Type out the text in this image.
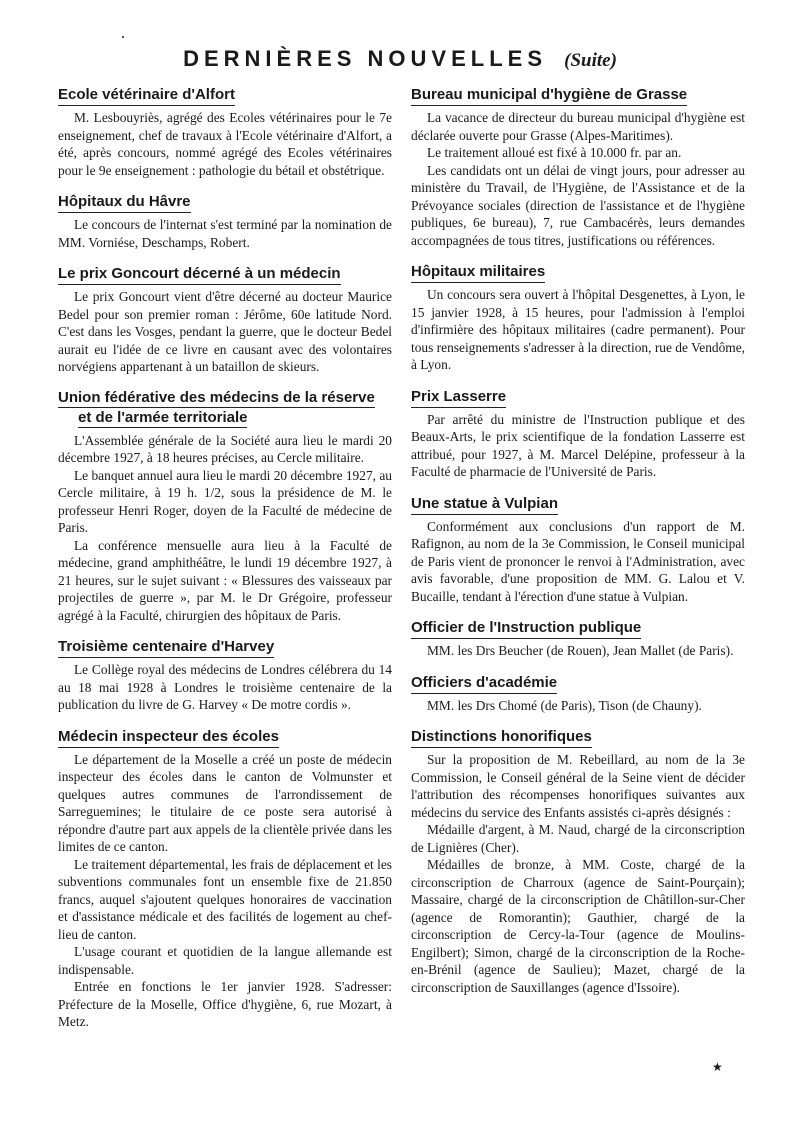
DERNIÈRES NOUVELLES (Suite)
Ecole vétérinaire d'Alfort

M. Lesbouyriès, agrégé des Ecoles vétérinaires pour le 7e enseignement, chef de travaux à l'Ecole vétérinaire d'Alfort, a été, après concours, nommé agrégé des Ecoles vétérinaires pour le 9e enseignement : pathologie du bétail et obstétrique.

Hôpitaux du Hâvre

Le concours de l'internat s'est terminé par la nomination de MM. Vorniése, Deschamps, Robert.

Le prix Goncourt décerné à un médecin

Le prix Goncourt vient d'être décerné au docteur Maurice Bedel pour son premier roman : Jérôme, 60e latitude Nord. C'est dans les Vosges, pendant la guerre, que le docteur Bedel aurait eu l'idée de ce livre en causant avec des volontaires norvégiens appartenant à un bataillon de skieurs.

Union fédérative des médecins de la réserve
et de l'armée territoriale

L'Assemblée générale de la Société aura lieu le mardi 20 décembre 1927, à 18 heures précises, au Cercle militaire.

Le banquet annuel aura lieu le mardi 20 décembre 1927, au Cercle militaire, à 19 h. 1/2, sous la présidence de M. le professeur Henri Roger, doyen de la Faculté de médecine de Paris.

La conférence mensuelle aura lieu à la Faculté de médecine, grand amphithéâtre, le lundi 19 décembre 1927, à 21 heures, sur le sujet suivant : « Blessures des vaisseaux par projectiles de guerre », par M. le Dr Grégoire, professeur agrégé à la Faculté, chirurgien des hôpitaux de Paris.

Troisième centenaire d'Harvey

Le Collège royal des médecins de Londres célébrera du 14 au 18 mai 1928 à Londres le troisième centenaire de la publication du livre de G. Harvey « De motre cordis ».

Médecin inspecteur des écoles

Le département de la Moselle a créé un poste de médecin inspecteur des écoles dans le canton de Volmunster et quelques autres communes de l'arrondissement de Sarreguemines; le titulaire de ce poste sera autorisé à répondre d'autre part aux appels de la clientèle privée dans les limites de ce canton.

Le traitement départemental, les frais de déplacement et les subventions communales font un ensemble fixe de 21.850 francs, auquel s'ajoutent quelques honoraires de vaccination et d'assistance médicale et des facilités de logement au chef-lieu de canton.

L'usage courant et quotidien de la langue allemande est indispensable.

Entrée en fonctions le 1er janvier 1928. S'adresser: Préfecture de la Moselle, Office d'hygiène, 6, rue Mozart, à Metz.

Bureau municipal d'hygiène de Grasse

La vacance de directeur du bureau municipal d'hygiène est déclarée ouverte pour Grasse (Alpes-Maritimes).

Le traitement alloué est fixé à 10.000 fr. par an.

Les candidats ont un délai de vingt jours, pour adresser au ministère du Travail, de l'Hygiène, de l'Assistance et de la Prévoyance sociales (direction de l'assistance et de l'hygiène publiques, 6e bureau), 7, rue Cambacérès, leurs demandes accompagnées de tous titres, justifications ou références.

Hôpitaux militaires

Un concours sera ouvert à l'hôpital Desgenettes, à Lyon, le 15 janvier 1928, à 15 heures, pour l'admission à l'emploi d'infirmière des hôpitaux militaires (cadre permanent). Pour tous renseignements s'adresser à la direction, rue de Vendôme, à Lyon.

Prix Lasserre

Par arrêté du ministre de l'Instruction publique et des Beaux-Arts, le prix scientifique de la fondation Lasserre est attribué, pour 1927, à M. Marcel Delépine, professeur à la Faculté de pharmacie de l'Université de Paris.

Une statue à Vulpian

Conformément aux conclusions d'un rapport de M. Rafignon, au nom de la 3e Commission, le Conseil municipal de Paris vient de prononcer le renvoi à l'Administration, avec avis favorable, d'une proposition de MM. G. Lalou et V. Bucaille, tendant à l'érection d'une statue à Vulpian.

Officier de l'Instruction publique

MM. les Drs Beucher (de Rouen), Jean Mallet (de Paris).

Officiers d'académie

MM. les Drs Chomé (de Paris), Tison (de Chauny).

Distinctions honorifiques

Sur la proposition de M. Rebeillard, au nom de la 3e Commission, le Conseil général de la Seine vient de décider l'attribution des récompenses honorifiques suivantes aux médecins du service des Enfants assistés ci-après désignés :

Médaille d'argent, à M. Naud, chargé de la circonscription de Lignières (Cher).

Médailles de bronze, à MM. Coste, chargé de la circonscription de Charroux (agence de Saint-Pourçain); Massaire, chargé de la circonscription de Châtillon-sur-Cher (agence de Romorantin); Gauthier, chargé de la circonscription de Cercy-la-Tour (agence de Moulins-Engilbert); Simon, chargé de la circonscription de la Roche-en-Brénil (agence de Saulieu); Mazet, chargé de la circonscription de Sauxillanges (agence d'Issoire).

★
